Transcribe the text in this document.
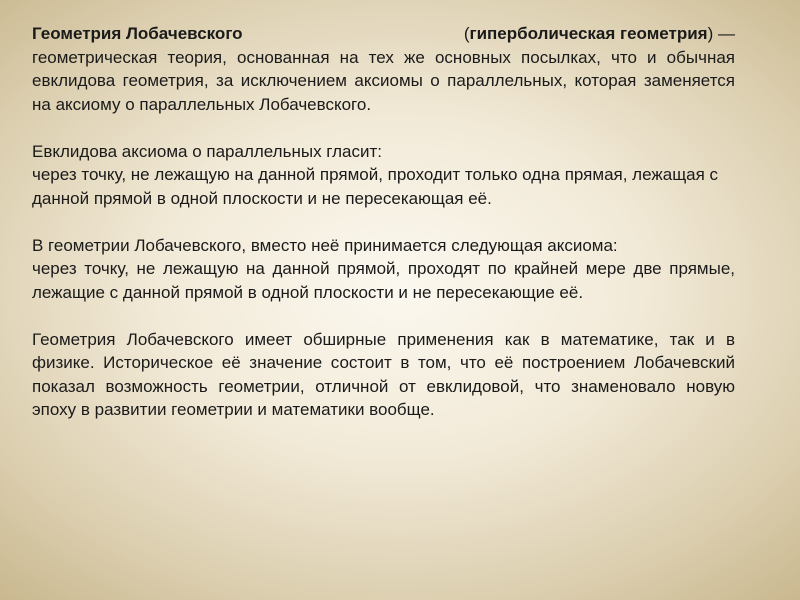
Геометрия Лобачевского	(гиперболическая геометрия) —

геометрическая теория, основанная на тех же основных посылках, что и обычная евклидова геометрия, за исключением аксиомы о параллельных, которая заменяется на аксиому о параллельных Лобачевского.

Евклидова аксиома о параллельных гласит:

через точку, не лежащую на данной прямой, проходит только одна прямая, лежащая с данной прямой в одной плоскости и не пересекающая её.

В геометрии Лобачевского, вместо неё принимается следующая аксиома:

через точку, не лежащую на данной прямой, проходят по крайней мере две прямые, лежащие с данной прямой в одной плоскости и не пересекающие её.

Геометрия Лобачевского имеет обширные применения как в математике, так и в физике. Историческое её значение состоит в том, что её построением Лобачевский показал возможность геометрии, отличной от евклидовой, что знаменовало новую эпоху в развитии геометрии и математики вообще.
